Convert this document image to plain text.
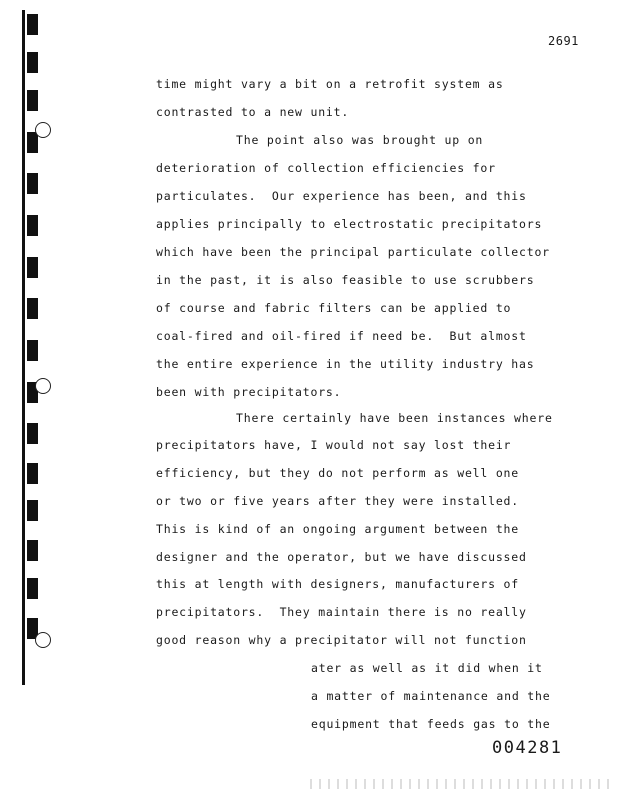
2691
time might vary a bit on a retrofit system as
contrasted to a new unit.
The point also was brought up on
deterioration of collection efficiencies for
particulates.  Our experience has been, and this
applies principally to electrostatic precipitators
which have been the principal particulate collector
in the past, it is also feasible to use scrubbers
of course and fabric filters can be applied to
coal-fired and oil-fired if need be.  But almost
the entire experience in the utility industry has
been with precipitators.
There certainly have been instances where
precipitators have, I would not say lost their
efficiency, but they do not perform as well one
or two or five years after they were installed.
This is kind of an ongoing argument between the
designer and the operator, but we have discussed
this at length with designers, manufacturers of
precipitators.  They maintain there is no really
good reason why a precipitator will not function
ater as well as it did when it
a matter of maintenance and the
equipment that feeds gas to the
004281
